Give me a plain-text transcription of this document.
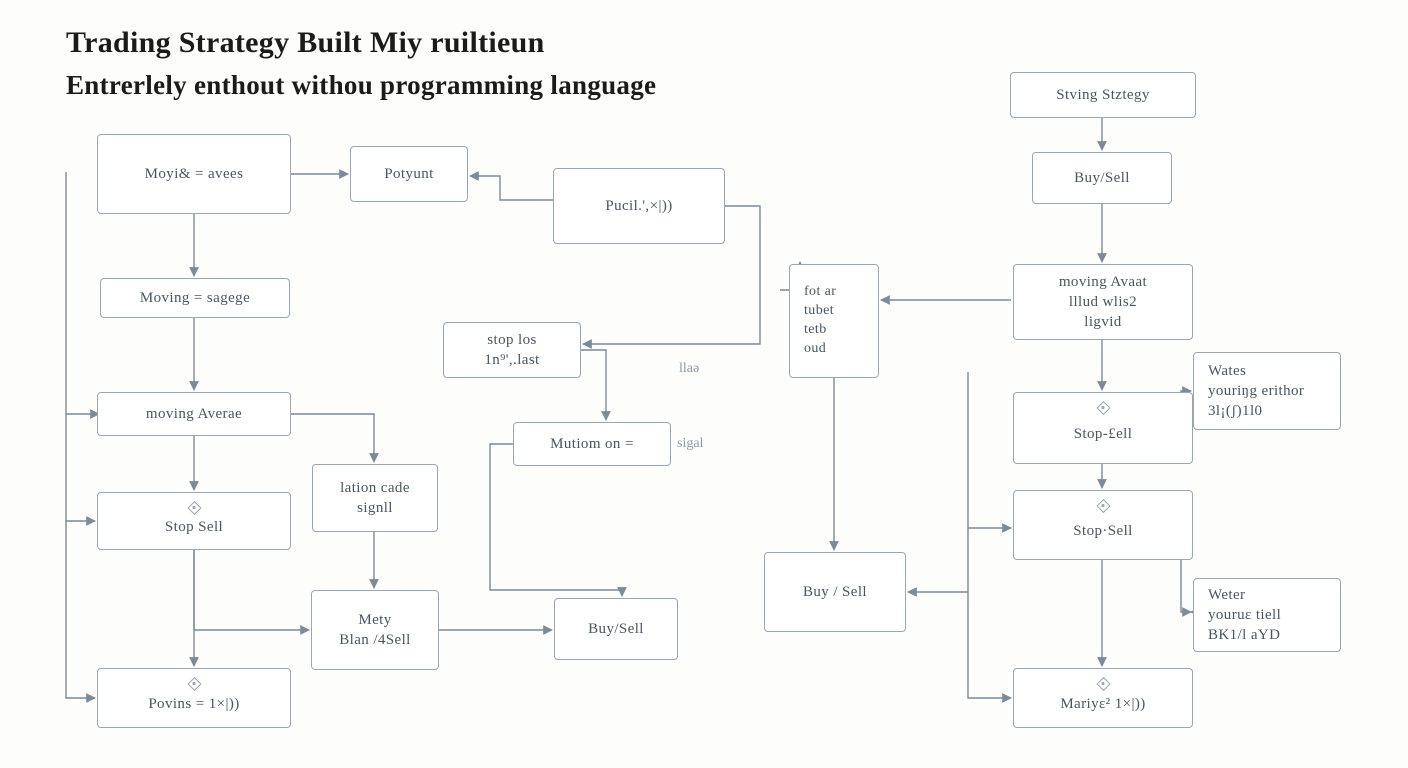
Trading Strategy Built Miy ruiltieun
Entrerlely enthout withou programming language
Moyi& = avees	Potyunt
Pucil.',×|))
Moving = sagege
moving Averae
Stop Sell
lation cade
signll
Povins = 1×|))
Mety
Blan /4Sell
Buy/Sell
stop los
1n⁹',.last
Mutiom on =
fot ar
tubet
tetb
oud
Buy / Sell
Stving Stztegy
Buy/Sell
moving Avaat
lllud wlis2
ligvid
Stop-£ell
Stop·Sell
Mariyɛ² 1×|))
Wates
youriŋg erithor
3l¡(ʃ)1l0
Weter
youruɛ tiell
BK1/l aYD
llaə
sigal
